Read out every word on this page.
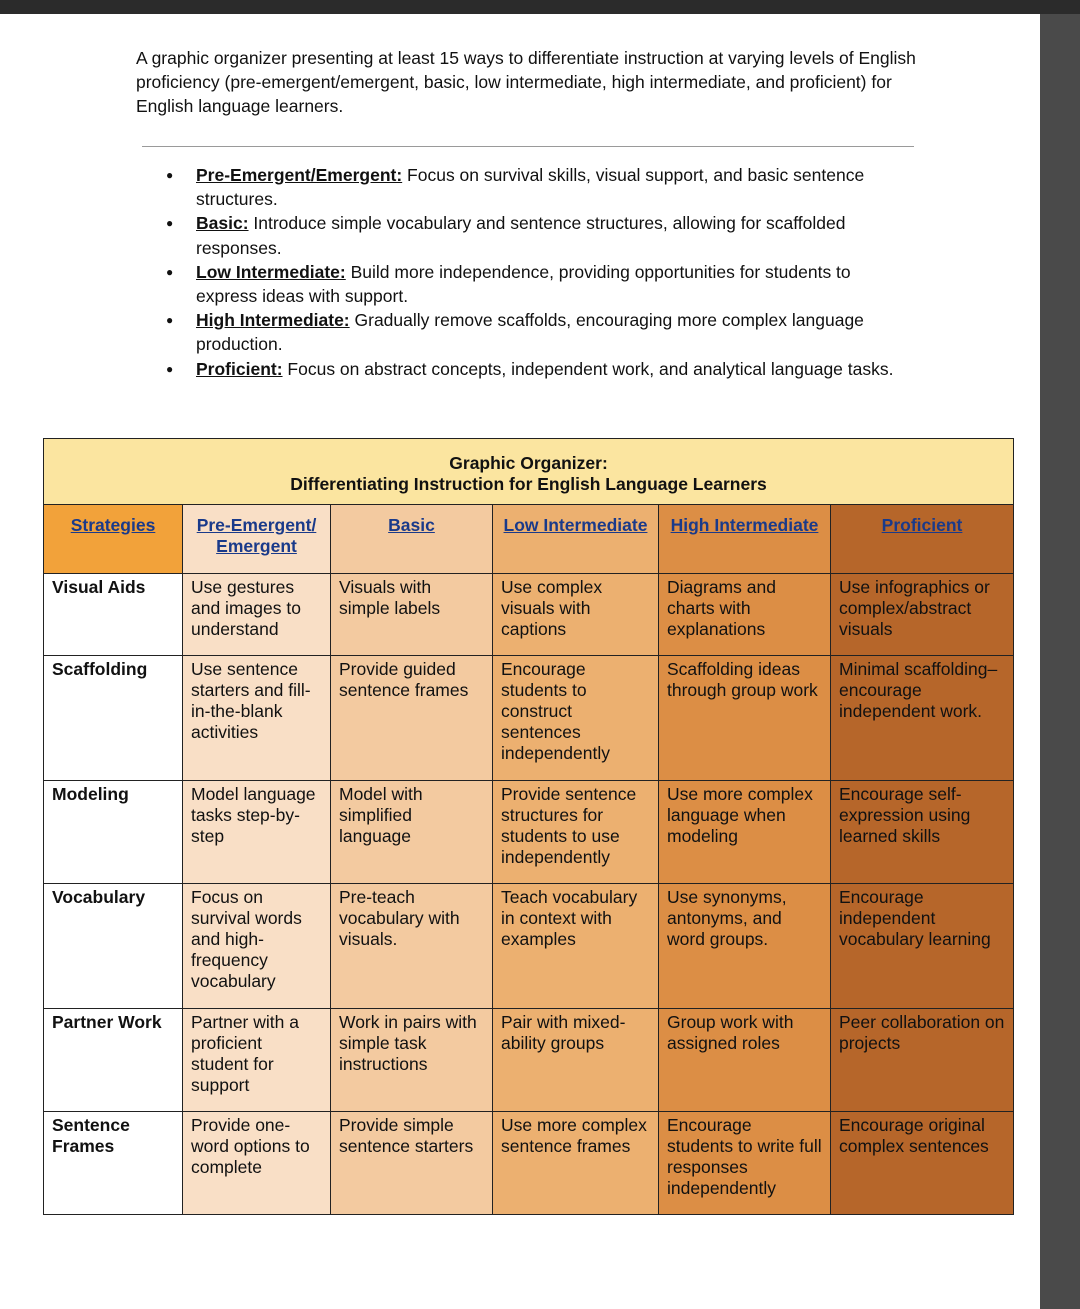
A graphic organizer presenting at least 15 ways to differentiate instruction at varying levels of English proficiency (pre-emergent/emergent, basic, low intermediate, high intermediate, and proficient) for English language learners.

● Pre-Emergent/Emergent: Focus on survival skills, visual support, and basic sentence structures.
● Basic: Introduce simple vocabulary and sentence structures, allowing for scaffolded responses.
● Low Intermediate: Build more independence, providing opportunities for students to express ideas with support.
● High Intermediate: Gradually remove scaffolds, encouraging more complex language production.
● Proficient: Focus on abstract concepts, independent work, and analytical language tasks.
Graphic Organizer:
Differentiating Instruction for English Language Learners					

Strategies	Pre-Emergent/ Emergent	Basic	Low Intermediate	High Intermediate	Proficient
Visual Aids	Use gestures and images to understand	Visuals with simple labels	Use complex visuals with captions	Diagrams and charts with explanations	Use infographics or complex/abstract visuals
Scaffolding	Use sentence starters and fill-in-the-blank activities	Provide guided sentence frames	Encourage students to construct sentences independently	Scaffolding ideas through group work	Minimal scaffolding– encourage independent work.
Modeling	Model language tasks step-by-step	Model with simplified language	Provide sentence structures for students to use independently	Use more complex language when modeling	Encourage self-expression using learned skills
Vocabulary	Focus on survival words and high-frequency vocabulary	Pre-teach vocabulary with visuals.	Teach vocabulary in context with examples	Use synonyms, antonyms, and word groups.	Encourage independent vocabulary learning
Partner Work	Partner with a proficient student for support	Work in pairs with simple task instructions	Pair with mixed-ability groups	Group work with assigned roles	Peer collaboration on projects
Sentence Frames	Provide one-word options to complete	Provide simple sentence starters	Use more complex sentence frames	Encourage students to write full responses independently	Encourage original complex sentences
